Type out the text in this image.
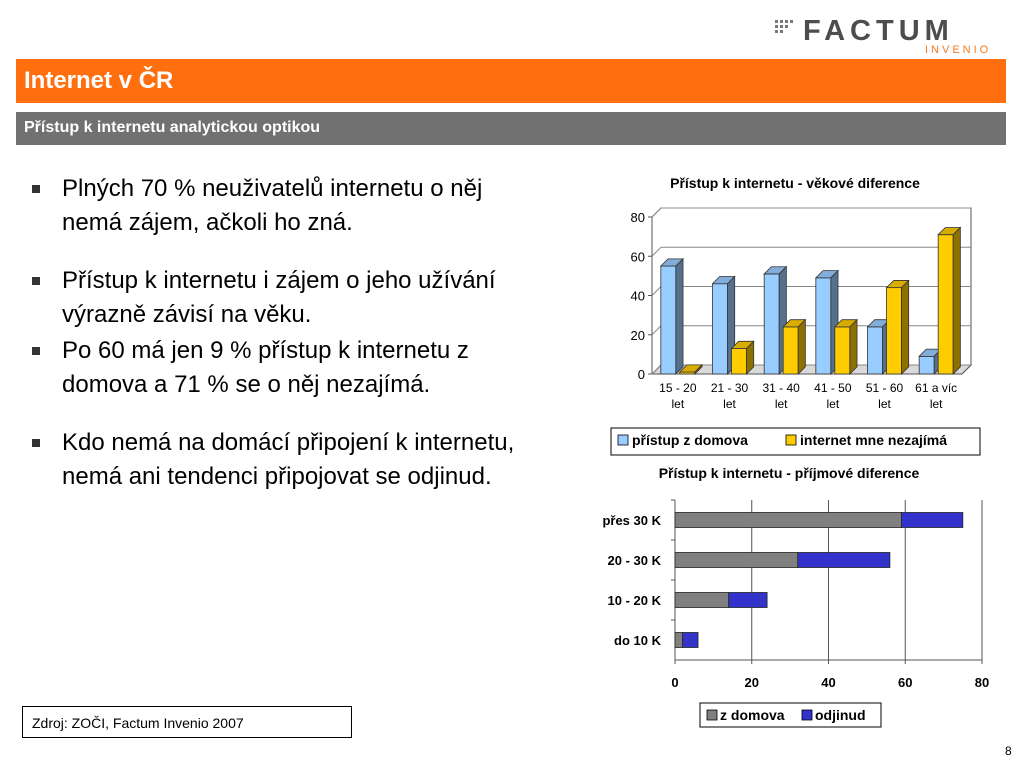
FACTUM
INVENIO
Internet v ČR
Přístup k internetu analytickou optikou
Plných 70 % neuživatelů internetu o něj nemá zájem, ačkoli ho zná.
Přístup k internetu i zájem o jeho užívání výrazně závisí na věku.
Po 60 má jen 9 % přístup k internetu z domova a 71 % se o něj nezajímá.
Kdo nemá na domácí připojení k internetu, nemá ani tendenci připojovat se odjinud.
Přístup k internetu - věkové diference
0
20
40
60
80
15 - 20
let
21 - 30
let
31 - 40
let
41 - 50
let
51 - 60
let
61 a víc
let
přístup z domova	internet mne nezajímá
Přístup k internetu - příjmové diference
0	20	40	60	80
přes 30 K
20 - 30 K
10 - 20 K
do 10 K
z domova odjinud
Zdroj: ZOČI, Factum Invenio 2007
8
